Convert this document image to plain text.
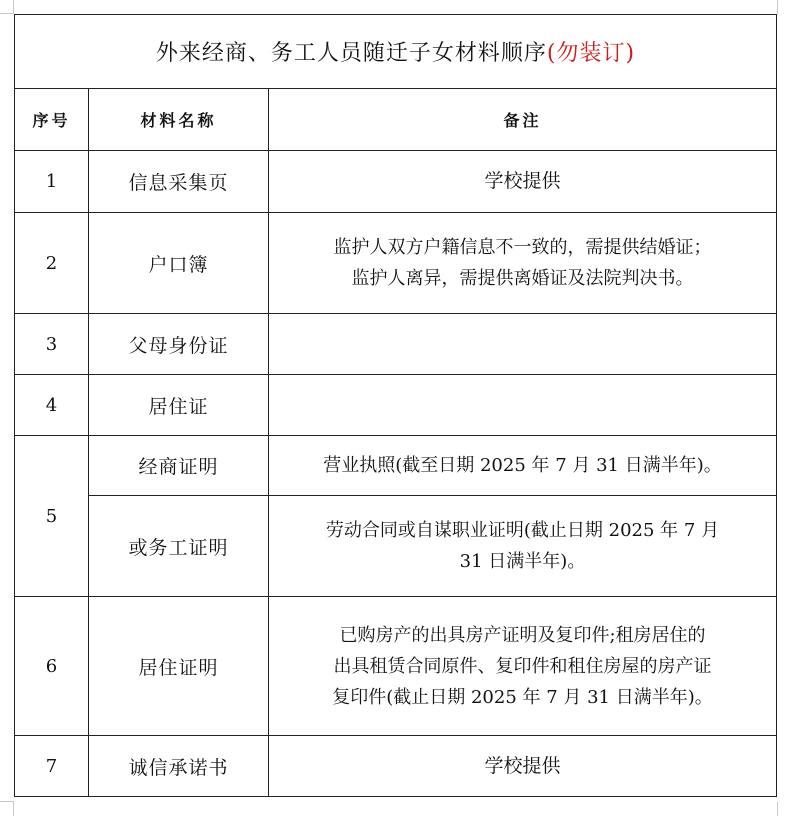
外来经商、务工人员随迁子女材料顺序(勿装订)		
序号	材料名称	备注
1	信息采集页	学校提供

2	户口簿	监护人双方户籍信息不一致的，需提供结婚证；
监护人离异，需提供离婚证及法院判决书。

3	父母身份证	
4	居住证	
5	经商证明	营业执照(截至日期 2025 年 7 月 31 日满半年)。

	或务工证明	劳动合同或自谋职业证明(截止日期 2025 年 7 月
31 日满半年)。

6	居住证明	已购房产的出具房产证明及复印件;租房居住的
出具租赁合同原件、复印件和租住房屋的房产证
复印件(截止日期 2025 年 7 月 31 日满半年)。

7	诚信承诺书	学校提供
